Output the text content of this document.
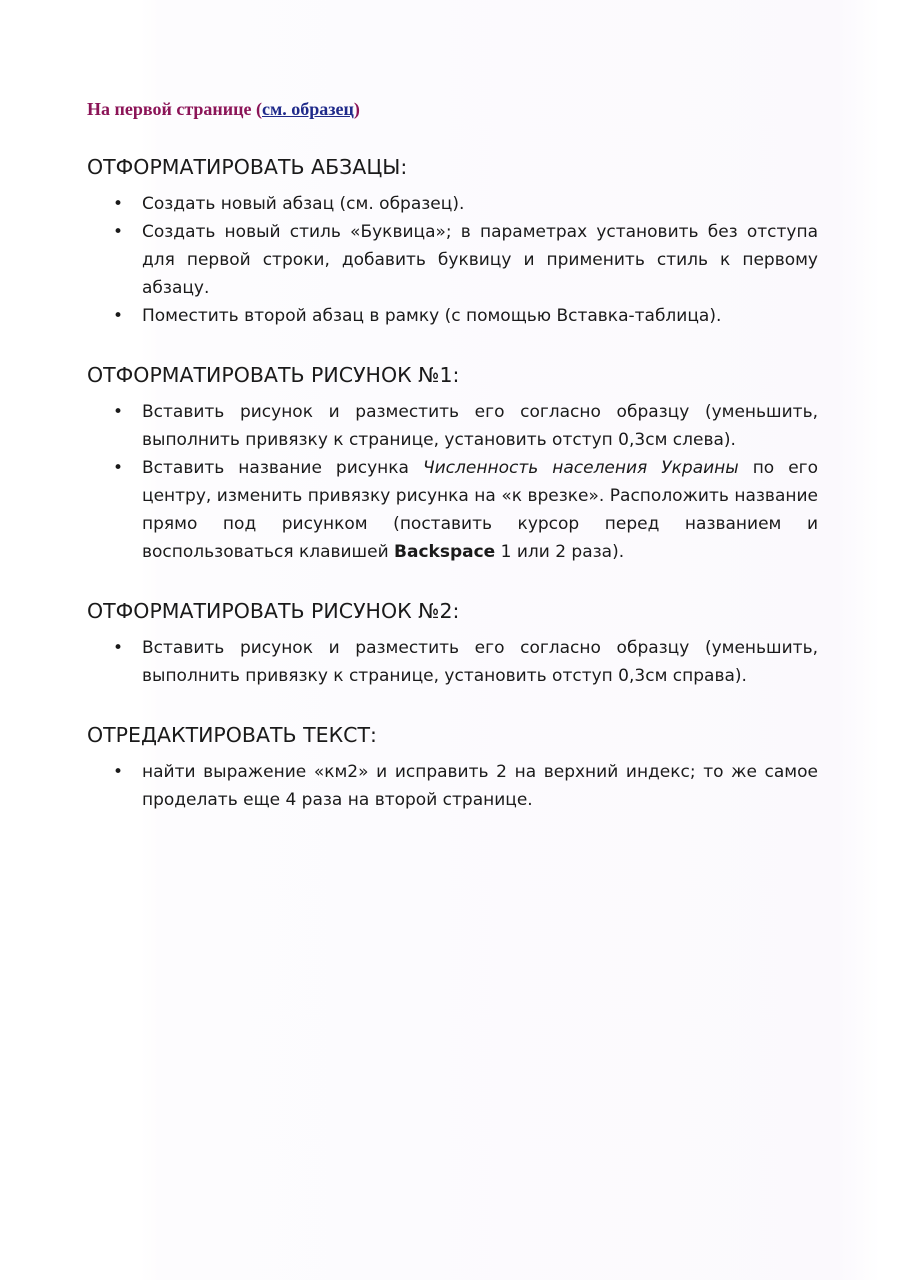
На первой странице (см. образец)

ОТФОРМАТИРОВАТЬ АБЗАЦЫ:
• Создать новый абзац (см. образец).
• Создать новый стиль «Буквица»; в параметрах установить без отступа для первой строки, добавить буквицу и применить стиль к первому абзацу.
• Поместить второй абзац в рамку (с помощью Вставка-таблица).
ОТФОРМАТИРОВАТЬ РИСУНОК №1:
• Вставить рисунок и разместить его согласно образцу (уменьшить, выполнить привязку к странице, установить отступ 0,3см слева).
• Вставить название рисунка Численность населения Украины по его центру, изменить привязку рисунка на «к врезке». Расположить название прямо под рисунком (поставить курсор перед названием и воспользоваться клавишей Backspace 1 или 2 раза).
ОТФОРМАТИРОВАТЬ РИСУНОК №2:
• Вставить рисунок и разместить его согласно образцу (уменьшить, выполнить привязку к странице, установить отступ 0,3см справа).
ОТРЕДАКТИРОВАТЬ ТЕКСТ:
• найти выражение «км2» и исправить 2 на верхний индекс; то же самое проделать еще 4 раза на второй странице.
